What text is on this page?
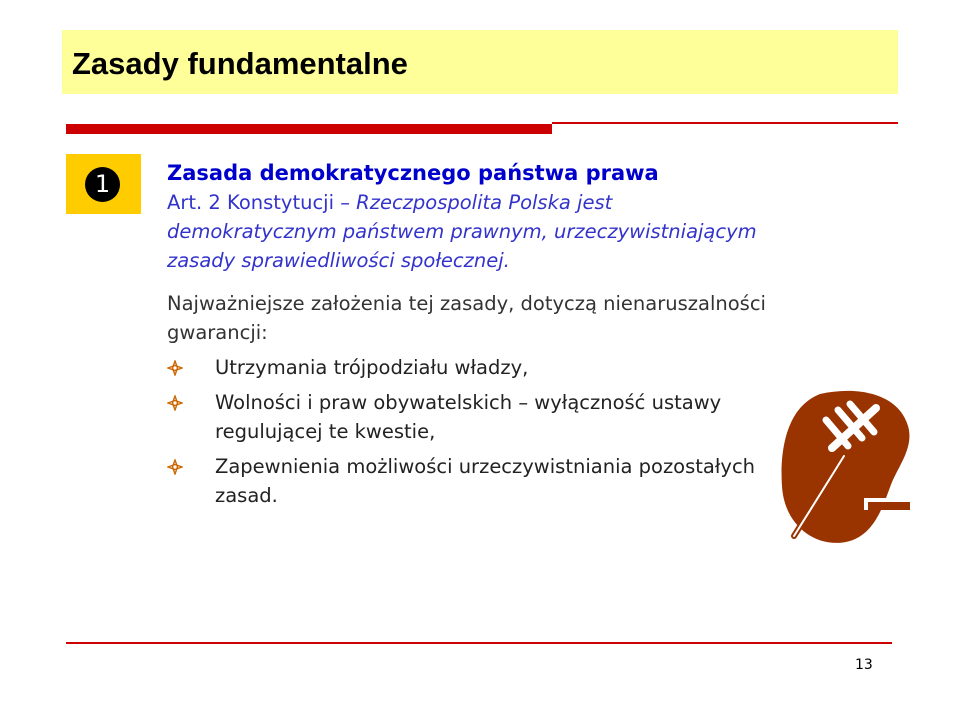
Zasady fundamentalne
1	Zasada demokratycznego państwa prawa

Art. 2 Konstytucji – Rzeczpospolita Polska jest demokratycznym państwem prawnym, urzeczywistniającym zasady sprawiedliwości społecznej.

Najważniejsze założenia tej zasady, dotyczą nienaruszalności gwarancji:

Utrzymania trójpodziału władzy,
Wolności i praw obywatelskich – wyłączność ustawy regulującej te kwestie,
Zapewnienia możliwości urzeczywistniania pozostałych zasad.
13
